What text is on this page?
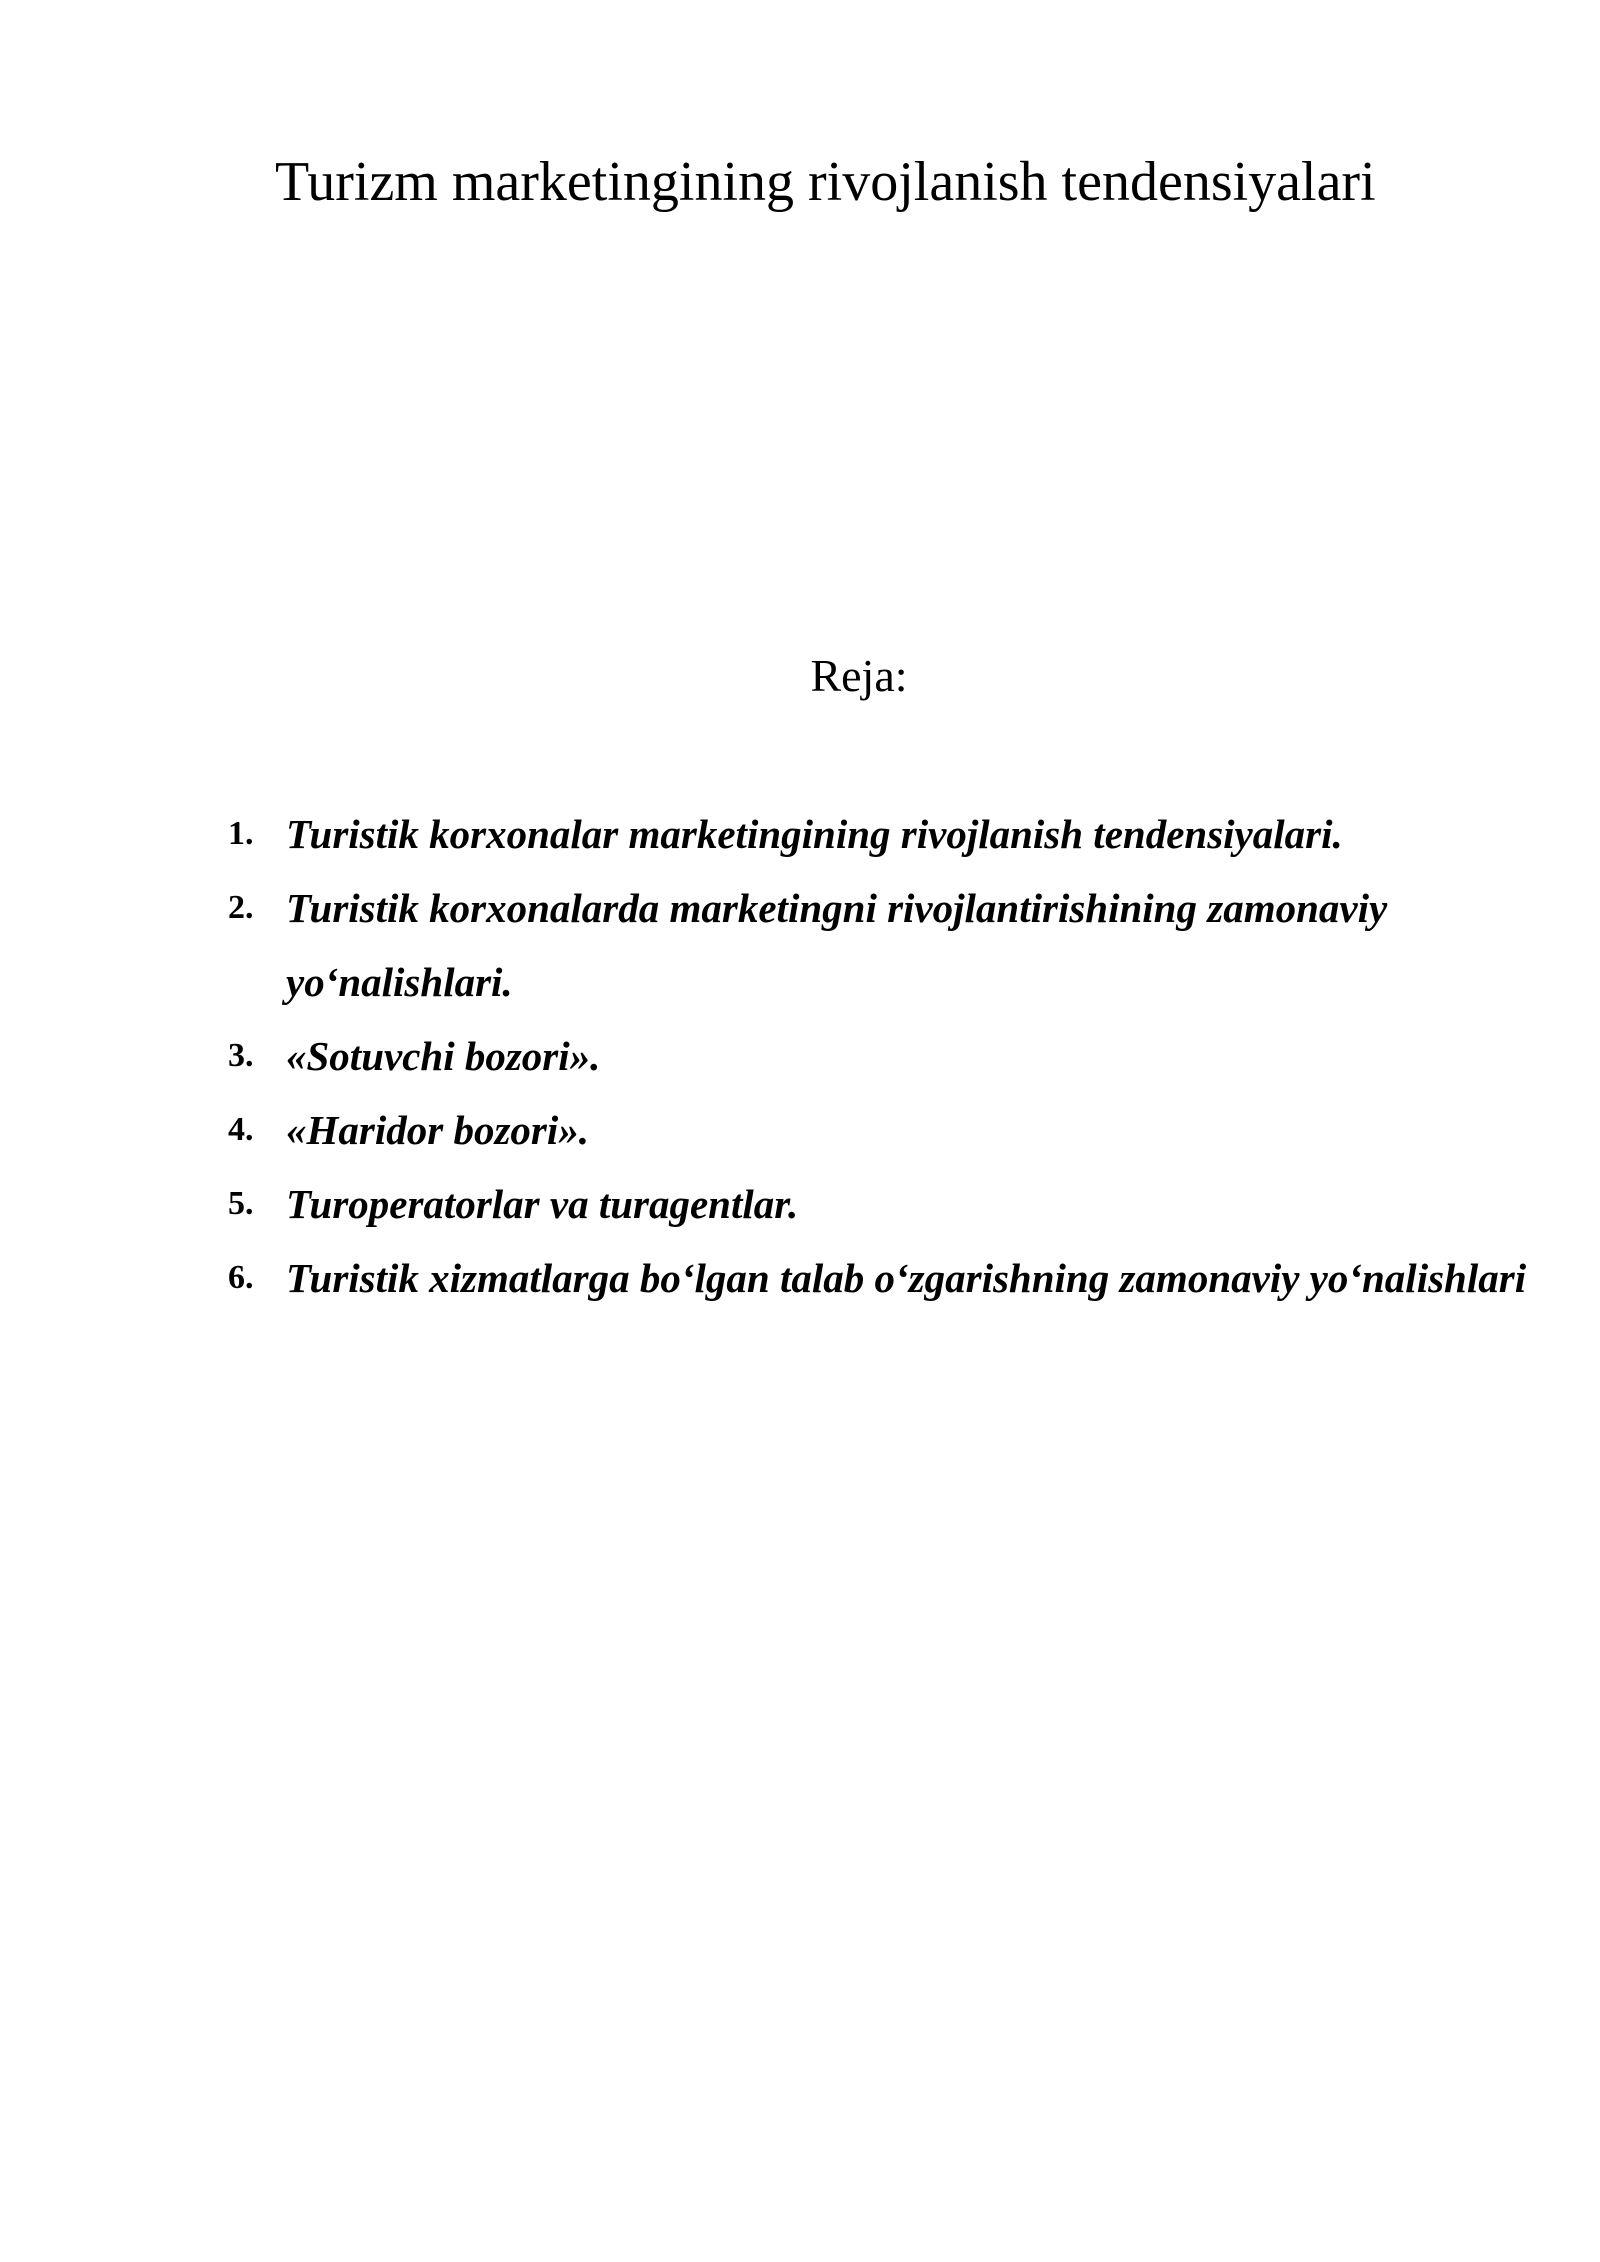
Turizm marketingining rivojlanish tendensiyalari
Reja:
1. Turistik korxonalar marketingining rivojlanish tendensiyalari.
2. Turistik korxonalarda marketingni rivojlantirishining zamonaviy yo‘nalishlari.
3. «Sotuvchi bozori».
4. «Haridor bozori».
5. Turoperatorlar va turagentlar.
6. Turistik xizmatlarga bo‘lgan talab o‘zgarishning zamonaviy yo‘nalishlari
